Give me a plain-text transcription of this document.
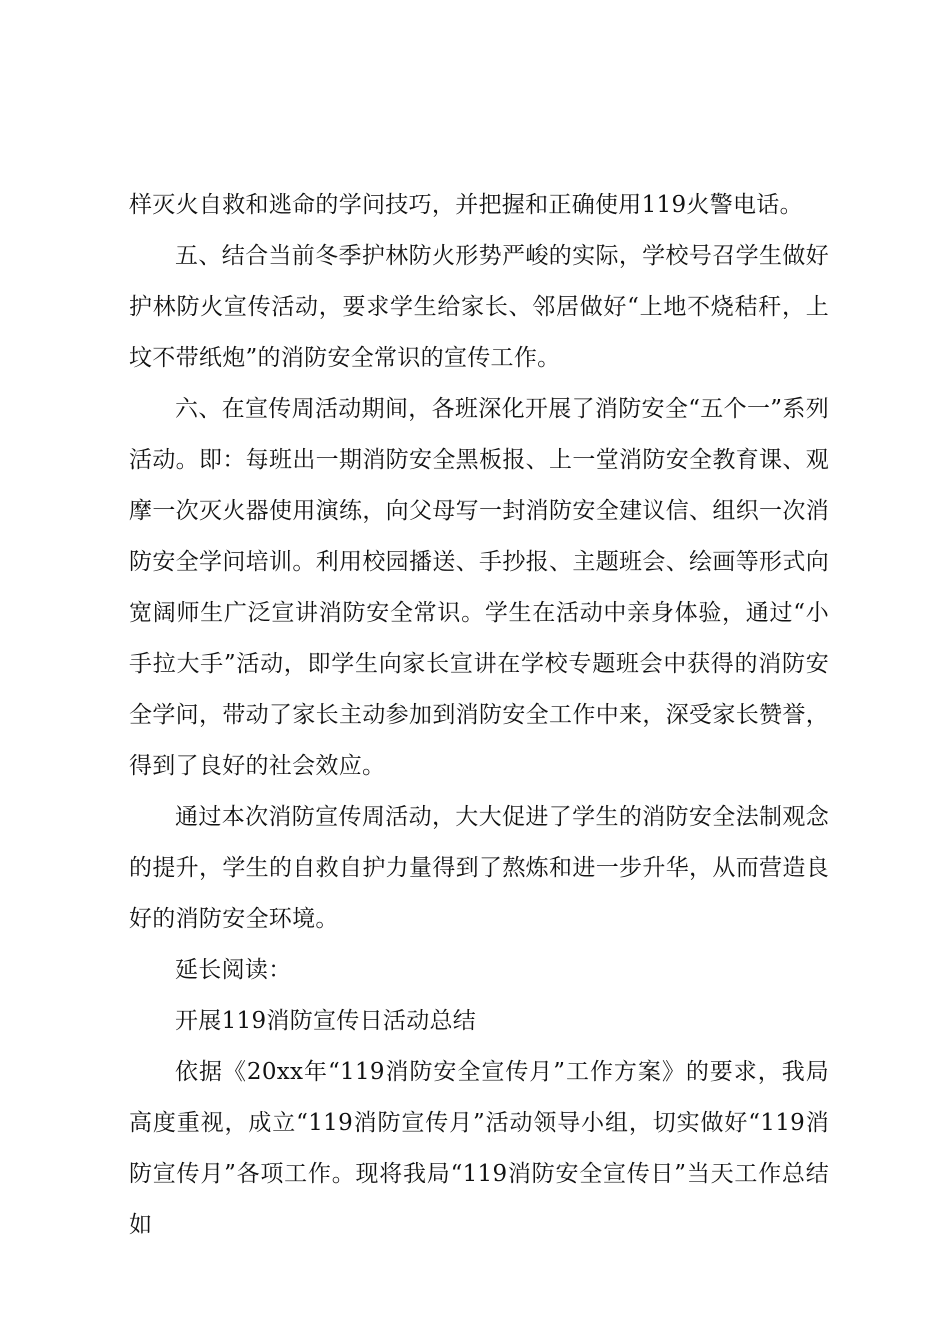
样灭火自救和逃命的学问技巧，并把握和正确使用119火警电话。

五、结合当前冬季护林防火形势严峻的实际，学校号召学生做好护林防火宣传活动，要求学生给家长、邻居做好“上地不烧秸秆，上坟不带纸炮”的消防安全常识的宣传工作。

六、在宣传周活动期间，各班深化开展了消防安全“五个一”系列活动。即：每班出一期消防安全黑板报、上一堂消防安全教育课、观摩一次灭火器使用演练，向父母写一封消防安全建议信、组织一次消防安全学问培训。利用校园播送、手抄报、主题班会、绘画等形式向宽阔师生广泛宣讲消防安全常识。学生在活动中亲身体验，通过“小手拉大手”活动，即学生向家长宣讲在学校专题班会中获得的消防安全学问，带动了家长主动参加到消防安全工作中来，深受家长赞誉，得到了良好的社会效应。

通过本次消防宣传周活动，大大促进了学生的消防安全法制观念的提升，学生的自救自护力量得到了熬炼和进一步升华，从而营造良好的消防安全环境。

延长阅读：

开展119消防宣传日活动总结

依据《20xx年“119消防安全宣传月”工作方案》的要求，我局高度重视，成立“119消防宣传月”活动领导小组，切实做好“119消防宣传月”各项工作。现将我局“119消防安全宣传日”当天工作总结如
